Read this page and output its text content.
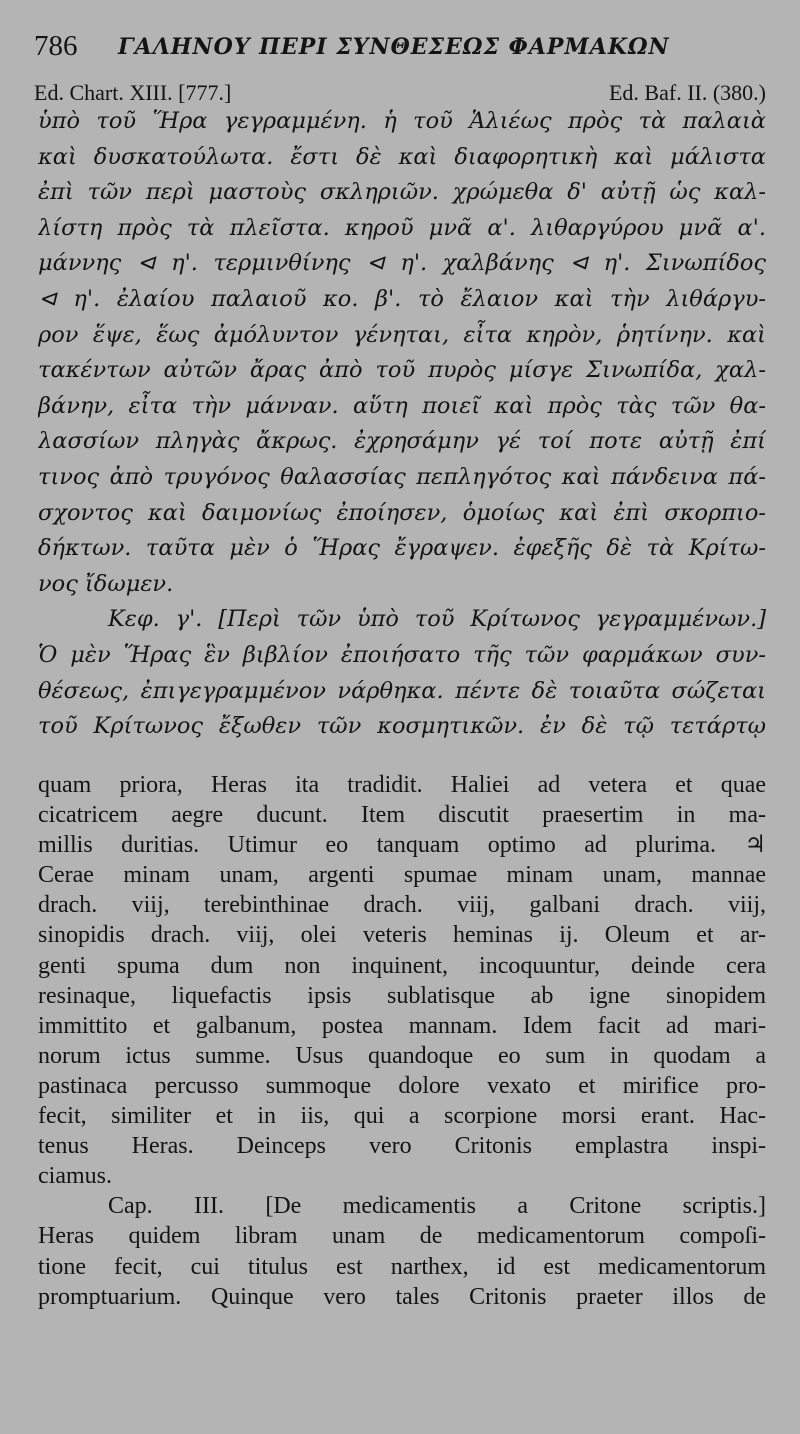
786 ΓΑΛΗΝΟΥ ΠΕΡΙ ΣΥΝΘΕΣΕΩΣ ΦΑΡΜΑΚΩΝ
Ed. Chart. XIII. [777.]	Ed. Baf. II. (380.)
ὑπὸ τοῦ Ἥρα γεγραμμένη. ἡ τοῦ Ἁλιέως πρὸς τὰ παλαιὰ
καὶ δυσκατούλωτα. ἔστι δὲ καὶ διαφορητικὴ καὶ μάλιστα
ἐπὶ τῶν περὶ μαστοὺς σκληριῶν. χρώμεθα δ' αὐτῇ ὡς καλ-
λίστη πρὸς τὰ πλεῖστα. κηροῦ μνᾶ α'. λιθαργύρου μνᾶ α'.
μάννης ⊲ η'. τερμινθίνης ⊲ η'. χαλβάνης ⊲ η'. Σινωπίδος
⊲ η'. ἐλαίου παλαιοῦ κο. β'. τὸ ἔλαιον καὶ τὴν λιθάργυ-
ρον ἕψε, ἕως ἀμόλυντον γένηται, εἶτα κηρὸν, ῥητίνην. καὶ
τακέντων αὐτῶν ἄρας ἀπὸ τοῦ πυρὸς μίσγε Σινωπίδα, χαλ-
βάνην, εἶτα τὴν μάνναν. αὕτη ποιεῖ καὶ πρὸς τὰς τῶν θα-
λασσίων πληγὰς ἄκρως. ἐχρησάμην γέ τοί ποτε αὐτῇ ἐπί
τινος ἀπὸ τρυγόνος θαλασσίας πεπληγότος καὶ πάνδεινα πά-
σχοντος καὶ δαιμονίως ἐποίησεν, ὁμοίως καὶ ἐπὶ σκορπιο-
δήκτων. ταῦτα μὲν ὁ Ἥρας ἔγραψεν. ἐφεξῆς δὲ τὰ Κρίτω-
νος ἴδωμεν.
Κεφ. γ'. [Περὶ τῶν ὑπὸ τοῦ Κρίτωνος γεγραμμένων.]
Ὁ μὲν Ἥρας ἓν βιβλίον ἐποιήσατο τῆς τῶν φαρμάκων συν-
θέσεως, ἐπιγεγραμμένον νάρθηκα. πέντε δὲ τοιαῦτα σώζεται
τοῦ Κρίτωνος ἔξωθεν τῶν κοσμητικῶν. ἐν δὲ τῷ τετάρτῳ
quam priora, Heras ita tradidit. Haliei ad vetera et quae
cicatricem aegre ducunt. Item discutit praesertim in ma-
millis duritias. Utimur eo tanquam optimo ad plurima. ♃
Cerae minam unam, argenti spumae minam unam, mannae
drach. viij, terebinthinae drach. viij, galbani drach. viij,
sinopidis drach. viij, olei veteris heminas ij. Oleum et ar-
genti spuma dum non inquinent, incoquuntur, deinde cera
resinaque, liquefactis ipsis sublatisque ab igne sinopidem
immittito et galbanum, postea mannam. Idem facit ad mari-
norum ictus summe. Usus quandoque eo sum in quodam a
pastinaca percusso summoque dolore vexato et mirifice pro-
fecit, similiter et in iis, qui a scorpione morsi erant. Hac-
tenus Heras. Deinceps vero Critonis emplastra inspi-
ciamus.
Cap. III. [De medicamentis a Critone scriptis.]
Heras quidem libram unam de medicamentorum compoſi-
tione fecit, cui titulus est narthex, id est medicamentorum
promptuarium. Quinque vero tales Critonis praeter illos de
